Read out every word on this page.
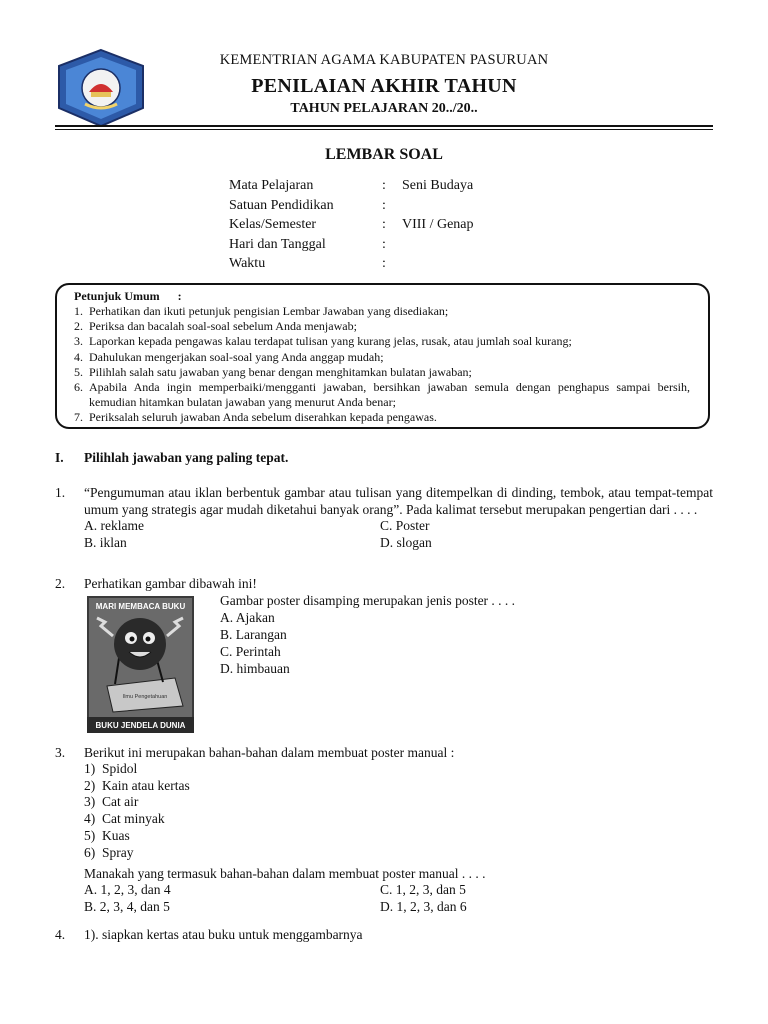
KEMENTRIAN AGAMA KABUPATEN PASURUAN
PENILAIAN AKHIR TAHUN
TAHUN PELAJARAN 20../20..
LEMBAR SOAL
Mata Pelajaran	: Seni Budaya
Satuan Pendidikan	:
Kelas/Semester	: VIII / Genap
Hari dan Tanggal	:
Waktu	:
Petunjuk Umum      :
1. Perhatikan dan ikuti petunjuk pengisian Lembar Jawaban yang disediakan;
2. Periksa dan bacalah soal-soal sebelum Anda menjawab;
3. Laporkan kepada pengawas kalau terdapat tulisan yang kurang jelas, rusak, atau jumlah soal kurang;
4. Dahulukan mengerjakan soal-soal yang Anda anggap mudah;
5. Pilihlah salah satu jawaban yang benar dengan menghitamkan bulatan jawaban;
6. Apabila Anda ingin memperbaiki/mengganti jawaban, bersihkan jawaban semula dengan penghapus sampai bersih, kemudian hitamkan bulatan jawaban yang menurut Anda benar;
7. Periksalah seluruh jawaban Anda sebelum diserahkan kepada pengawas.
I. Pilihlah jawaban yang paling tepat.
1. “Pengumuman atau iklan berbentuk gambar atau tulisan yang ditempelkan di dinding, tembok, atau tempat-tempat umum yang strategis agar mudah diketahui banyak orang”. Pada kalimat tersebut merupakan pengertian dari . . . .
A. reklame	C. Poster
B. iklan	D. slogan
2. Perhatikan gambar dibawah ini!
MARI MEMBACA BUKU
Ilmu Pengetahuan
BUKU JENDELA DUNIA
Gambar poster disamping merupakan jenis poster . . . .
A. Ajakan
B. Larangan
C. Perintah
D. himbauan
3. Berikut ini merupakan bahan-bahan dalam membuat poster manual :
1) Spidol
2) Kain atau kertas
3) Cat air
4) Cat minyak
5) Kuas
6) Spray
Manakah yang termasuk bahan-bahan dalam membuat poster manual . . . .
A. 1, 2, 3, dan 4	C. 1, 2, 3, dan 5
B. 2, 3, 4, dan 5	D. 1, 2, 3, dan 6
4. 1). siapkan kertas atau buku untuk menggambarnya
